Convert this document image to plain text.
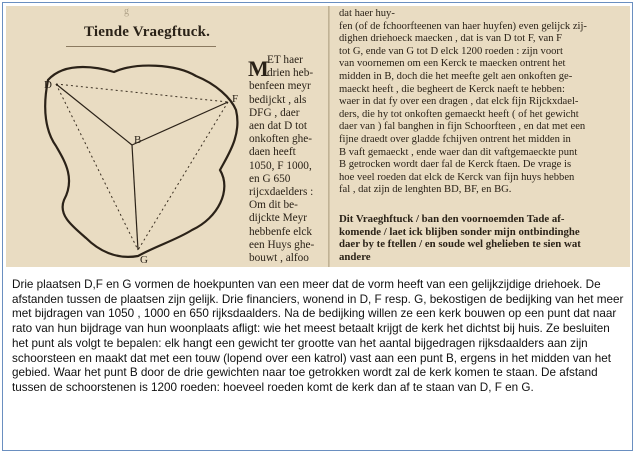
g
Tiende Vraegftuck.
D
F
B
G
M
ET haer
drien heb-
benfeen meyr
bedijckt , als
DFG , daer
aen dat D tot
onkoften ghe-
daen heeft
1050, F 1000,
en G 650
rijcxdaelders :
Om dit be-
dijckte Meyr
hebbenfe elck
een Huys ghe-
bouwt , alfoo
dat haer huy-
fen (of de fchoorfteenen van haer huyfen) even gelijck zij-
dighen driehoeck maecken , dat is van D tot F, van F
tot G, ende van G tot D elck 1200 roeden : zijn voort
van voornemen om een Kerck te maecken ontrent het
midden in B, doch die het meefte gelt aen onkoften ge-
maeckt heeft , die begheert de Kerck naeft te hebben:
waer in dat fy over een dragen , dat elck fijn Rijckxdael-
ders, die hy tot onkoften gemaeckt heeft ( of het gewicht
daer van ) fal banghen in fijn Schoorfteen , en dat met een
fijne draedt over gladde fchijven ontrent het midden in
B vaft gemaeckt , ende waer dan dit vaftgemaeckte punt
B getrocken wordt daer fal de Kerck ftaen. De vrage is
hoe veel roeden dat elck de Kerck van fijn huys hebben
fal , dat zijn de lenghten BD, BF, en BG.
Dit Vraeghftuck / ban den voornoemden Tade af-
komende / laet ick blijben sonder mijn ontbindinghe
daer by te ftellen / en soude wel ghelieben te sien wat
andere
Drie plaatsen D,F en G vormen de hoekpunten van een meer dat de vorm heeft van een gelijkzijdige driehoek. De afstanden tussen de plaatsen zijn gelijk. Drie financiers, wonend in D, F resp. G, bekostigen de bedijking van het meer met bijdragen van 1050 , 1000 en 650 rijksdaalders. Na de bedijking willen ze een kerk bouwen op een punt dat naar rato van hun bijdrage van hun woonplaats afligt: wie het meest betaalt krijgt de kerk het dichtst bij huis. Ze besluiten het punt als volgt te bepalen: elk hangt een gewicht ter grootte van het aantal bijgedragen rijksdaalders aan zijn schoorsteen en maakt dat met een touw (lopend over een katrol) vast aan een punt B, ergens in het midden van het gebied. Waar het punt B door de drie gewichten naar toe getrokken wordt zal de kerk komen te staan. De afstand tussen de schoorstenen is 1200 roeden: hoeveel roeden komt de kerk dan af te staan van D, F en G.
